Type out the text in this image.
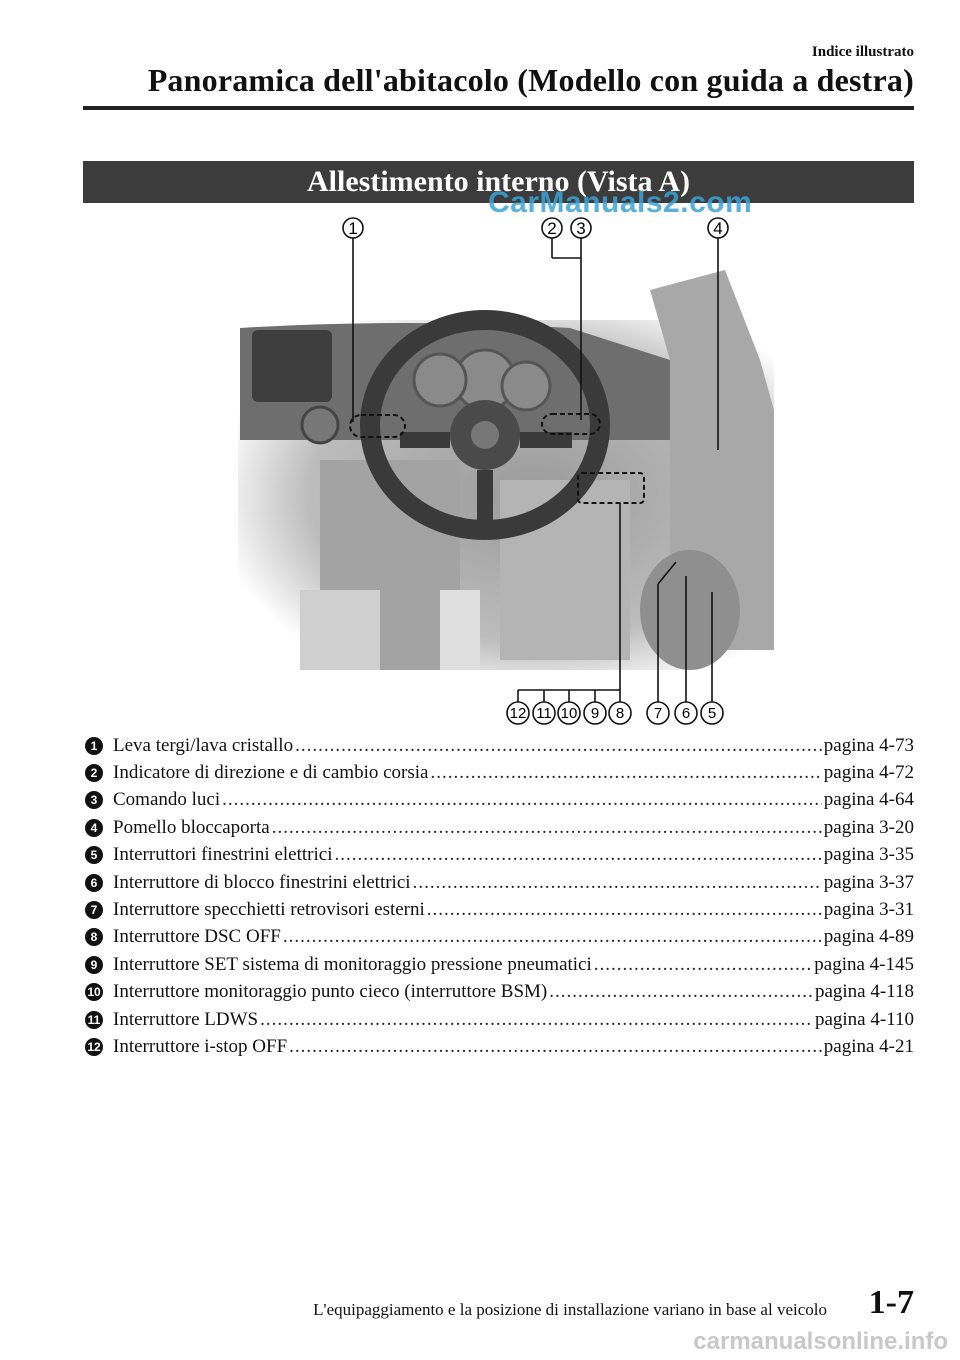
Indice illustrato
Panoramica dell'abitacolo (Modello con guida a destra)
Allestimento interno (Vista A)
1	2 3	4
12 11 10 9 8 7 6 5
CarManuals2.com
1 Leva tergi/lava cristallo .....	pagina 4-73
2 Indicatore di direzione e di cambio corsia .....	pagina 4-72
3 Comando luci .....	pagina 4-64
4 Pomello bloccaporta .....	pagina 3-20
5 Interruttori finestrini elettrici .....	pagina 3-35
6 Interruttore di blocco finestrini elettrici .....	pagina 3-37
7 Interruttore specchietti retrovisori esterni .....	pagina 3-31
8 Interruttore DSC OFF .....	pagina 4-89
9 Interruttore SET sistema di monitoraggio pressione pneumatici .....	pagina 4-145
10 Interruttore monitoraggio punto cieco (interruttore BSM) .....	pagina 4-118
11 Interruttore LDWS .....	pagina 4-110
12 Interruttore i-stop OFF .....	pagina 4-21
L'equipaggiamento e la posizione di installazione variano in base al veicolo 1-7
carmanualsonline.info
